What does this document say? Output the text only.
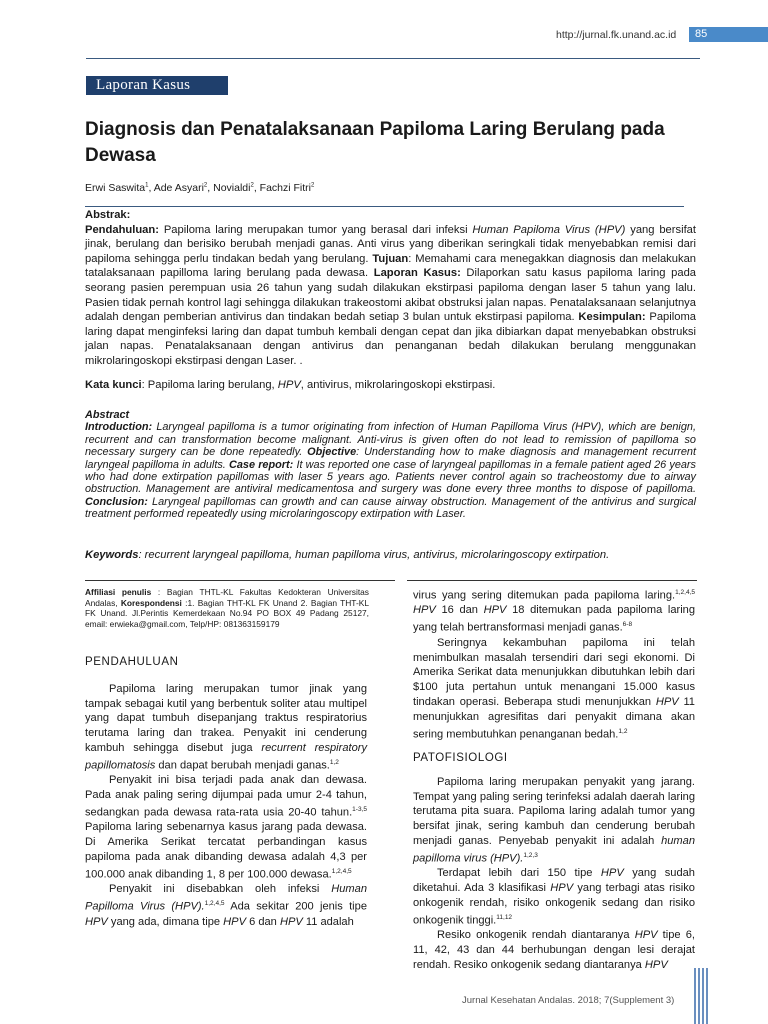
http://jurnal.fk.unand.ac.id	85
Laporan Kasus
Diagnosis dan Penatalaksanaan Papiloma Laring Berulang pada Dewasa
Erwi Saswita$^1$, Ade Asyari$^2$, Novialdi$^2$, Fachzi Fitri$^2$
Abstrak:

Pendahuluan: Papiloma laring merupakan tumor yang berasal dari infeksi Human Papiloma Virus (HPV) yang bersifat jinak, berulang dan berisiko berubah menjadi ganas. Anti virus yang diberikan seringkali tidak menyebabkan remisi dari papiloma sehingga perlu tindakan bedah yang berulang. Tujuan: Memahami cara menegakkan diagnosis dan melakukan tatalaksanaan papilloma laring berulang pada dewasa. Laporan Kasus: Dilaporkan satu kasus papiloma laring pada seorang pasien perempuan usia 26 tahun yang sudah dilakukan ekstirpasi papiloma dengan laser 5 tahun yang lalu. Pasien tidak pernah kontrol lagi sehingga dilakukan trakeostomi akibat obstruksi jalan napas. Penatalaksanaan selanjutnya adalah dengan pemberian antivirus dan tindakan bedah setiap 3 bulan untuk ekstirpasi papiloma. Kesimpulan: Papiloma laring dapat menginfeksi laring dan dapat tumbuh kembali dengan cepat dan jika dibiarkan dapat menyebabkan obstruksi jalan napas. Penatalaksanaan dengan antivirus dan penanganan bedah dilakukan berulang menggunakan mikrolaringoskopi ekstirpasi dengan Laser. .

Kata kunci: Papiloma laring berulang, HPV, antivirus, mikrolaringoskopi ekstirpasi.
Abstract

Introduction: Laryngeal papilloma is a tumor originating from infection of Human Papilloma Virus (HPV), which are benign, recurrent and can transformation become malignant. Anti-virus is given often do not lead to remission of papilloma so necessary surgery can be done repeatedly. Objective: Understanding how to make diagnosis and management recurrent laryngeal papilloma in adults. Case report: It was reported one case of laryngeal papillomas in a female patient aged 26 years who had done extirpation papillomas with laser 5 years ago. Patients never control again so tracheostomy due to airway obstruction. Management are antiviral medicamentosa and surgery was done every three months to dispose of papilloma. Conclusion: Laryngeal papillomas can growth and can cause airway obstruction. Management of the antivirus and surgical treatment performed repeatedly using microlaringoscopy extirpation with Laser.

Keywords: recurrent laryngeal papilloma, human papilloma virus, antivirus, microlaringoscopy extirpation.
Affiliasi penulis : Bagian THTL-KL Fakultas Kedokteran Universitas Andalas, Korespondensi :1. Bagian THT-KL FK Unand 2. Bagian THT-KL FK Unand. Jl.Perintis Kemerdekaan No.94 PO BOX 49 Padang 25127, email: erwieka@gmail.com, Telp/HP: 081363159179

PENDAHULUAN

Papiloma laring merupakan tumor jinak yang tampak sebagai kutil yang berbentuk soliter atau multipel yang dapat tumbuh disepanjang traktus respiratorius terutama laring dan trakea. Penyakit ini cenderung kambuh sehingga disebut juga recurrent respiratory papillomatosis dan dapat berubah menjadi ganas.$^{1,2}$

Penyakit ini bisa terjadi pada anak dan dewasa. Pada anak paling sering dijumpai pada umur 2-4 tahun, sedangkan pada dewasa rata-rata usia 20-40 tahun.$^{1-3,5}$ Papiloma laring sebenarnya kasus jarang pada dewasa. Di Amerika Serikat tercatat perbandingan kasus papiloma pada anak dibanding dewasa adalah 4,3 per 100.000 anak dibanding 1, 8 per 100.000 dewasa.$^{1,2,4,5}$

Penyakit ini disebabkan oleh infeksi Human Papilloma Virus (HPV).$^{1,2,4,5}$ Ada sekitar 200 jenis tipe HPV yang ada, dimana tipe HPV 6 dan HPV 11 adalah

virus yang sering ditemukan pada papiloma laring.$^{1,2,4,5}$ HPV 16 dan HPV 18 ditemukan pada papiloma laring yang telah bertransformasi menjadi ganas.$^{6-8}$

Seringnya kekambuhan papiloma ini telah menimbulkan masalah tersendiri dari segi ekonomi. Di Amerika Serikat data menunjukkan dibutuhkan lebih dari $100 juta pertahun untuk menangani 15.000 kasus tindakan operasi. Beberapa studi menunjukkan HPV 11 menunjukkan agresifitas dari penyakit dimana akan sering membutuhkan penanganan bedah.$^{1,2}$

PATOFISIOLOGI

Papiloma laring merupakan penyakit yang jarang. Tempat yang paling sering terinfeksi adalah daerah laring terutama pita suara. Papiloma laring adalah tumor yang bersifat jinak, sering kambuh dan cenderung berubah menjadi ganas. Penyebab penyakit ini adalah human papilloma virus (HPV).$^{1,2,3}$

Terdapat lebih dari 150 tipe HPV yang sudah diketahui. Ada 3 klasifikasi HPV yang terbagi atas risiko onkogenik rendah, risiko onkogenik sedang dan risiko onkogenik tinggi.$^{11,12}$

Resiko onkogenik rendah diantaranya HPV tipe 6, 11, 42, 43 dan 44 berhubungan dengan lesi derajat rendah. Resiko onkogenik sedang diantaranya HPV

Jurnal Kesehatan Andalas. 2018; 7(Supplement 3)
